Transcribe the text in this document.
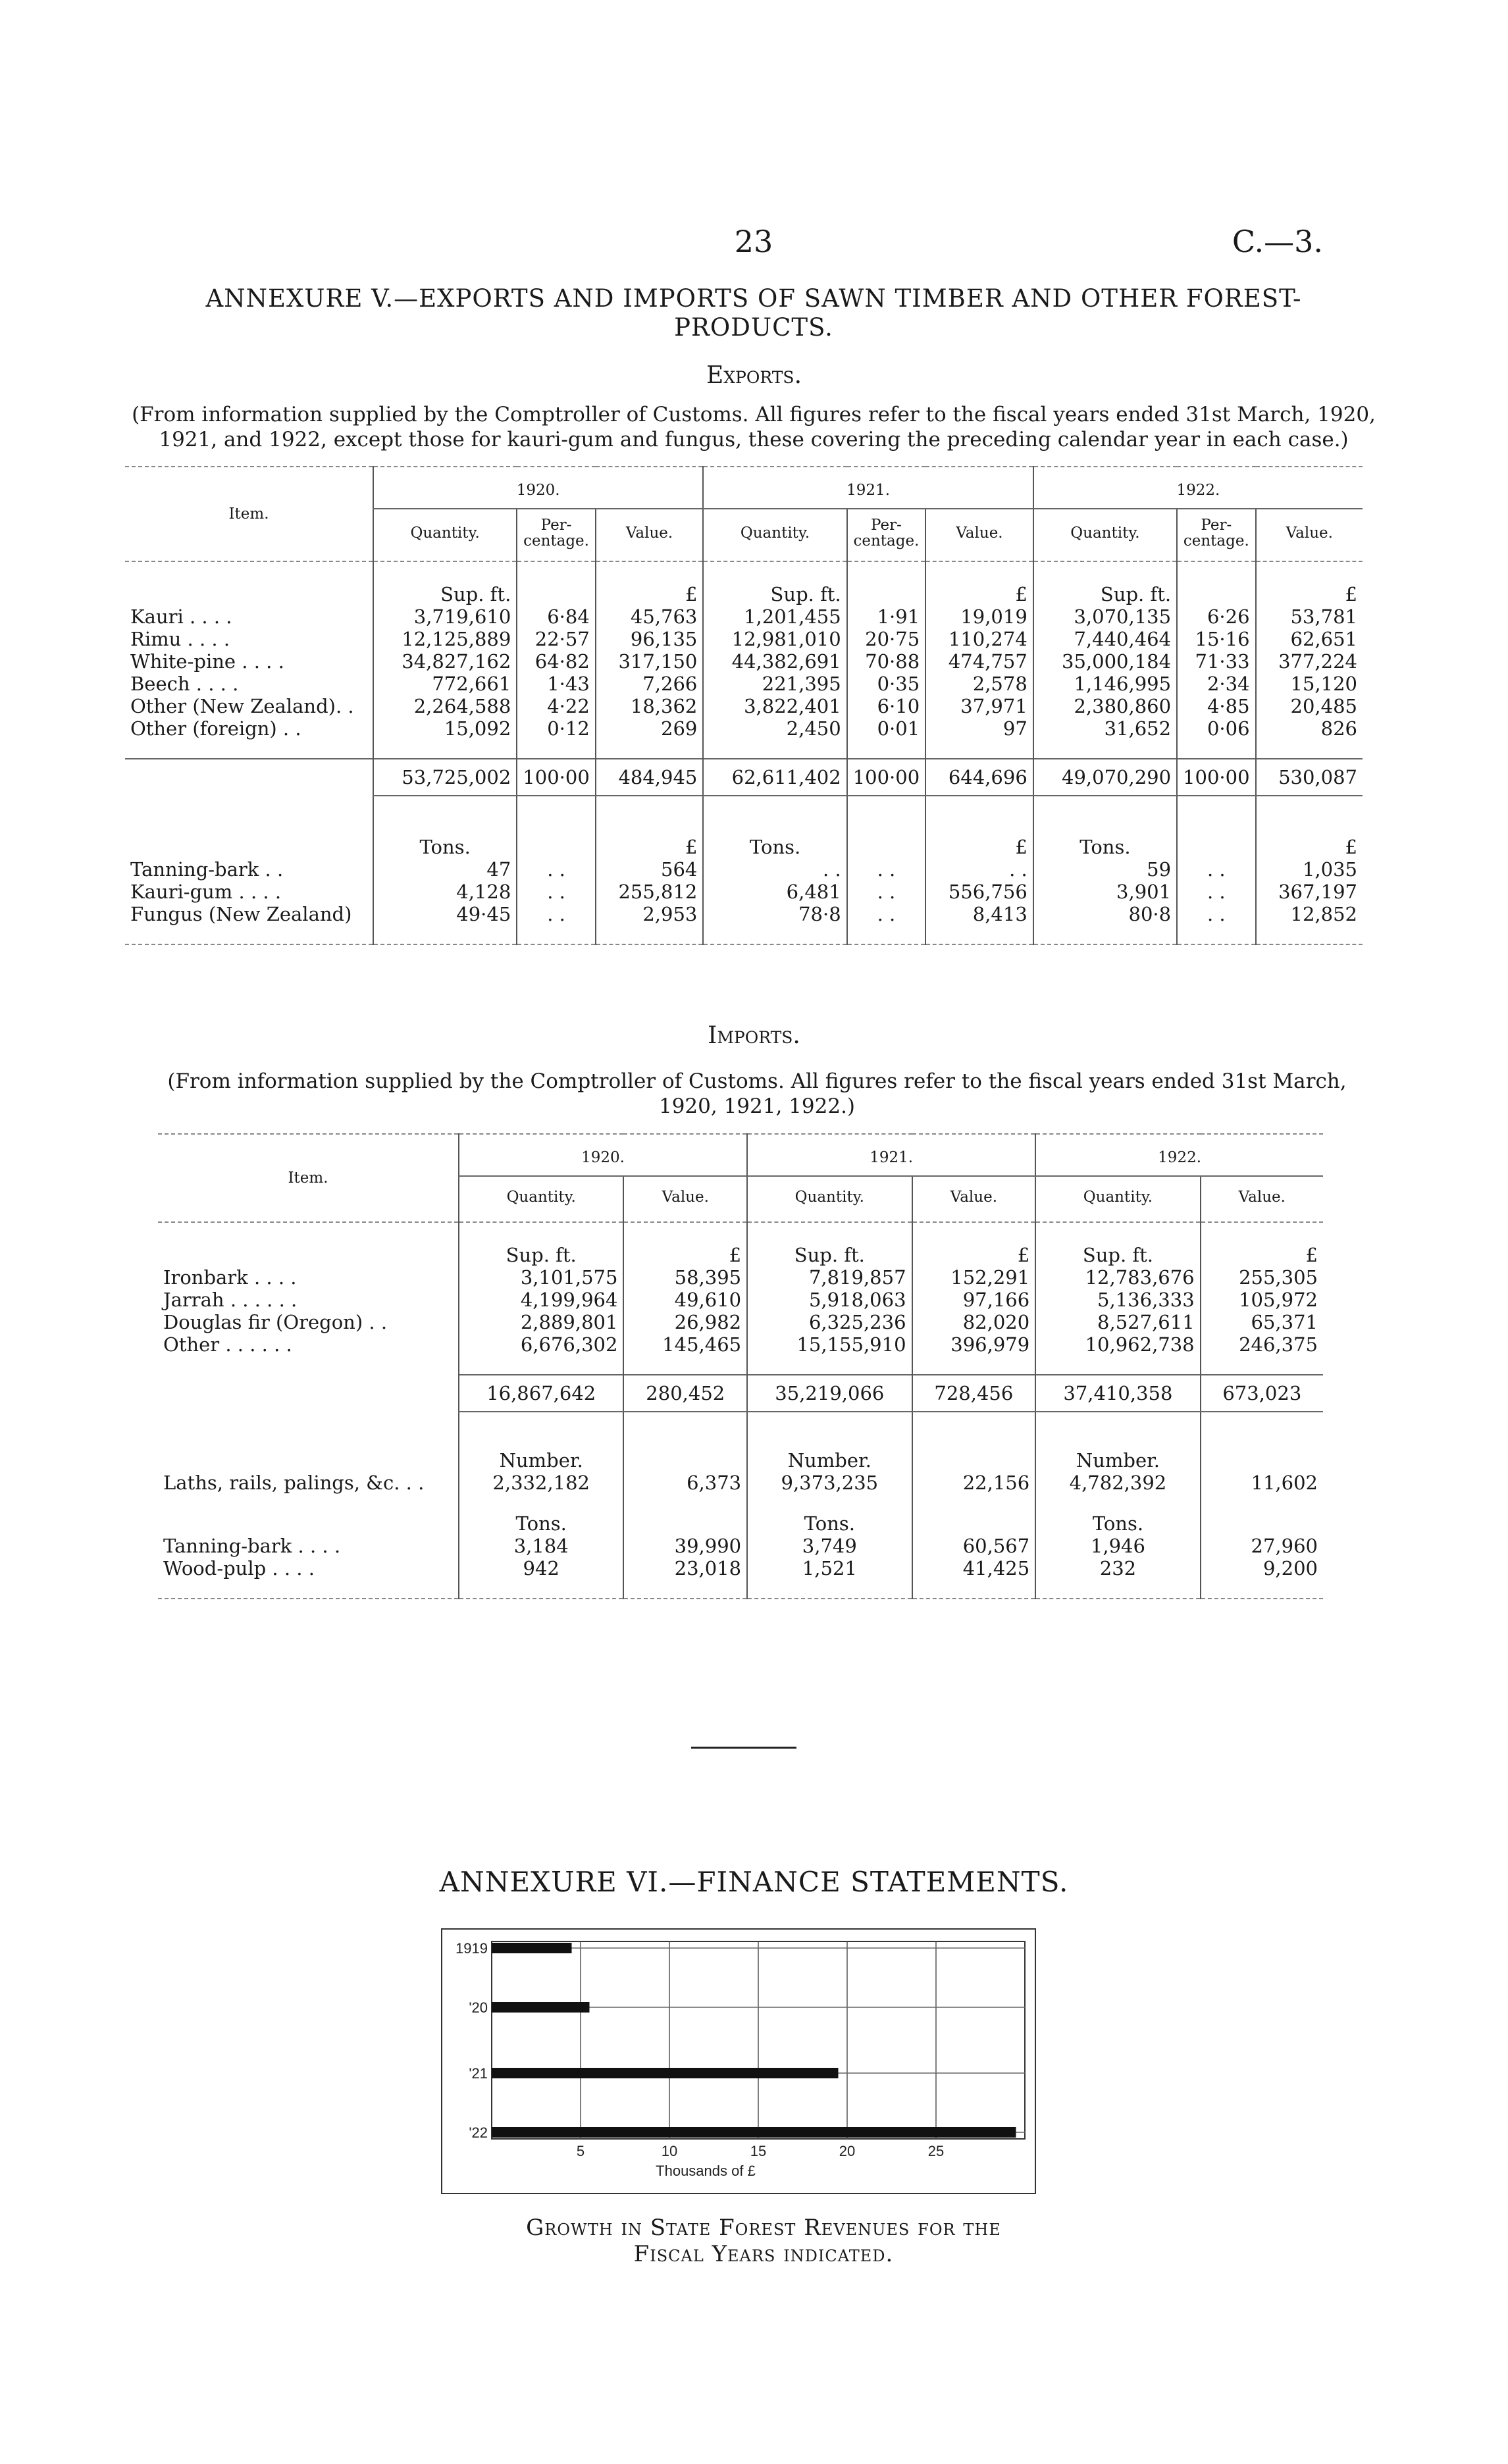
23	C.—3.
ANNEXURE V.—EXPORTS AND IMPORTS OF SAWN TIMBER AND OTHER FOREST-
PRODUCTS.
Exports.
(From information supplied by the Comptroller of Customs. All figures refer to the fiscal years ended 31st March, 1920,
1921, and 1922, except those for kauri-gum and fungus, these covering the preceding calendar year in each case.)
Item.	1920.			1921.			1922.		
	Quantity.	Per-centage.	Value.	Quantity.	Per-centage.	Value.	Quantity.	Per-centage.	Value.

	Sup. ft.		£	Sup. ft.		£	Sup. ft.		£
Kauri . . . .	3,719,610	6·84	45,763	1,201,455	1·91	19,019	3,070,135	6·26	53,781
Rimu . . . .	12,125,889	22·57	96,135	12,981,010	20·75	110,274	7,440,464	15·16	62,651
White-pine . . . .	34,827,162	64·82	317,150	44,382,691	70·88	474,757	35,000,184	71·33	377,224
Beech . . . .	772,661	1·43	7,266	221,395	0·35	2,578	1,146,995	2·34	15,120
Other (New Zealand). .	2,264,588	4·22	18,362	3,822,401	6·10	37,971	2,380,860	4·85	20,485
Other (foreign) . .	15,092	0·12	269	2,450	0·01	97	31,652	0·06	826

	53,725,002	100·00	484,945	62,611,402	100·00	644,696	49,070,290	100·00	530,087

	Tons.		£	Tons.		£	Tons.		£
Tanning-bark . .	47	. .	564	. .	. .	. .	59	. .	1,035
Kauri-gum . . . .	4,128	. .	255,812	6,481	. .	556,756	3,901	. .	367,197
Fungus (New Zealand)	49·45	. .	2,953	78·8	. .	8,413	80·8	. .	12,852

Imports.
(From information supplied by the Comptroller of Customs. All figures refer to the fiscal years ended 31st March,
1920, 1921, 1922.)
Item.	1920.		1921.		1922.	
	Quantity.	Value.	Quantity.	Value.	Quantity.	Value.

	Sup. ft.	£	Sup. ft.	£	Sup. ft.	£
Ironbark . . . .	3,101,575	58,395	7,819,857	152,291	12,783,676	255,305
Jarrah . . . . . .	4,199,964	49,610	5,918,063	97,166	5,136,333	105,972
Douglas fir (Oregon) . .	2,889,801	26,982	6,325,236	82,020	8,527,611	65,371
Other . . . . . .	6,676,302	145,465	15,155,910	396,979	10,962,738	246,375

	16,867,642	280,452	35,219,066	728,456	37,410,358	673,023

	Number.		Number.		Number.	
Laths, rails, palings, &c. . .	2,332,182	6,373	9,373,235	22,156	4,782,392	11,602

	Tons.		Tons.		Tons.	
Tanning-bark . . . .	3,184	39,990	3,749	60,567	1,946	27,960
Wood-pulp . . . .	942	23,018	1,521	41,425	232	9,200

ANNEXURE VI.—FINANCE STATEMENTS.
5	10	15	20	25
1919
'20
'21
'22
Thousands of £
Growth in State Forest Revenues for the
Fiscal Years indicated.
